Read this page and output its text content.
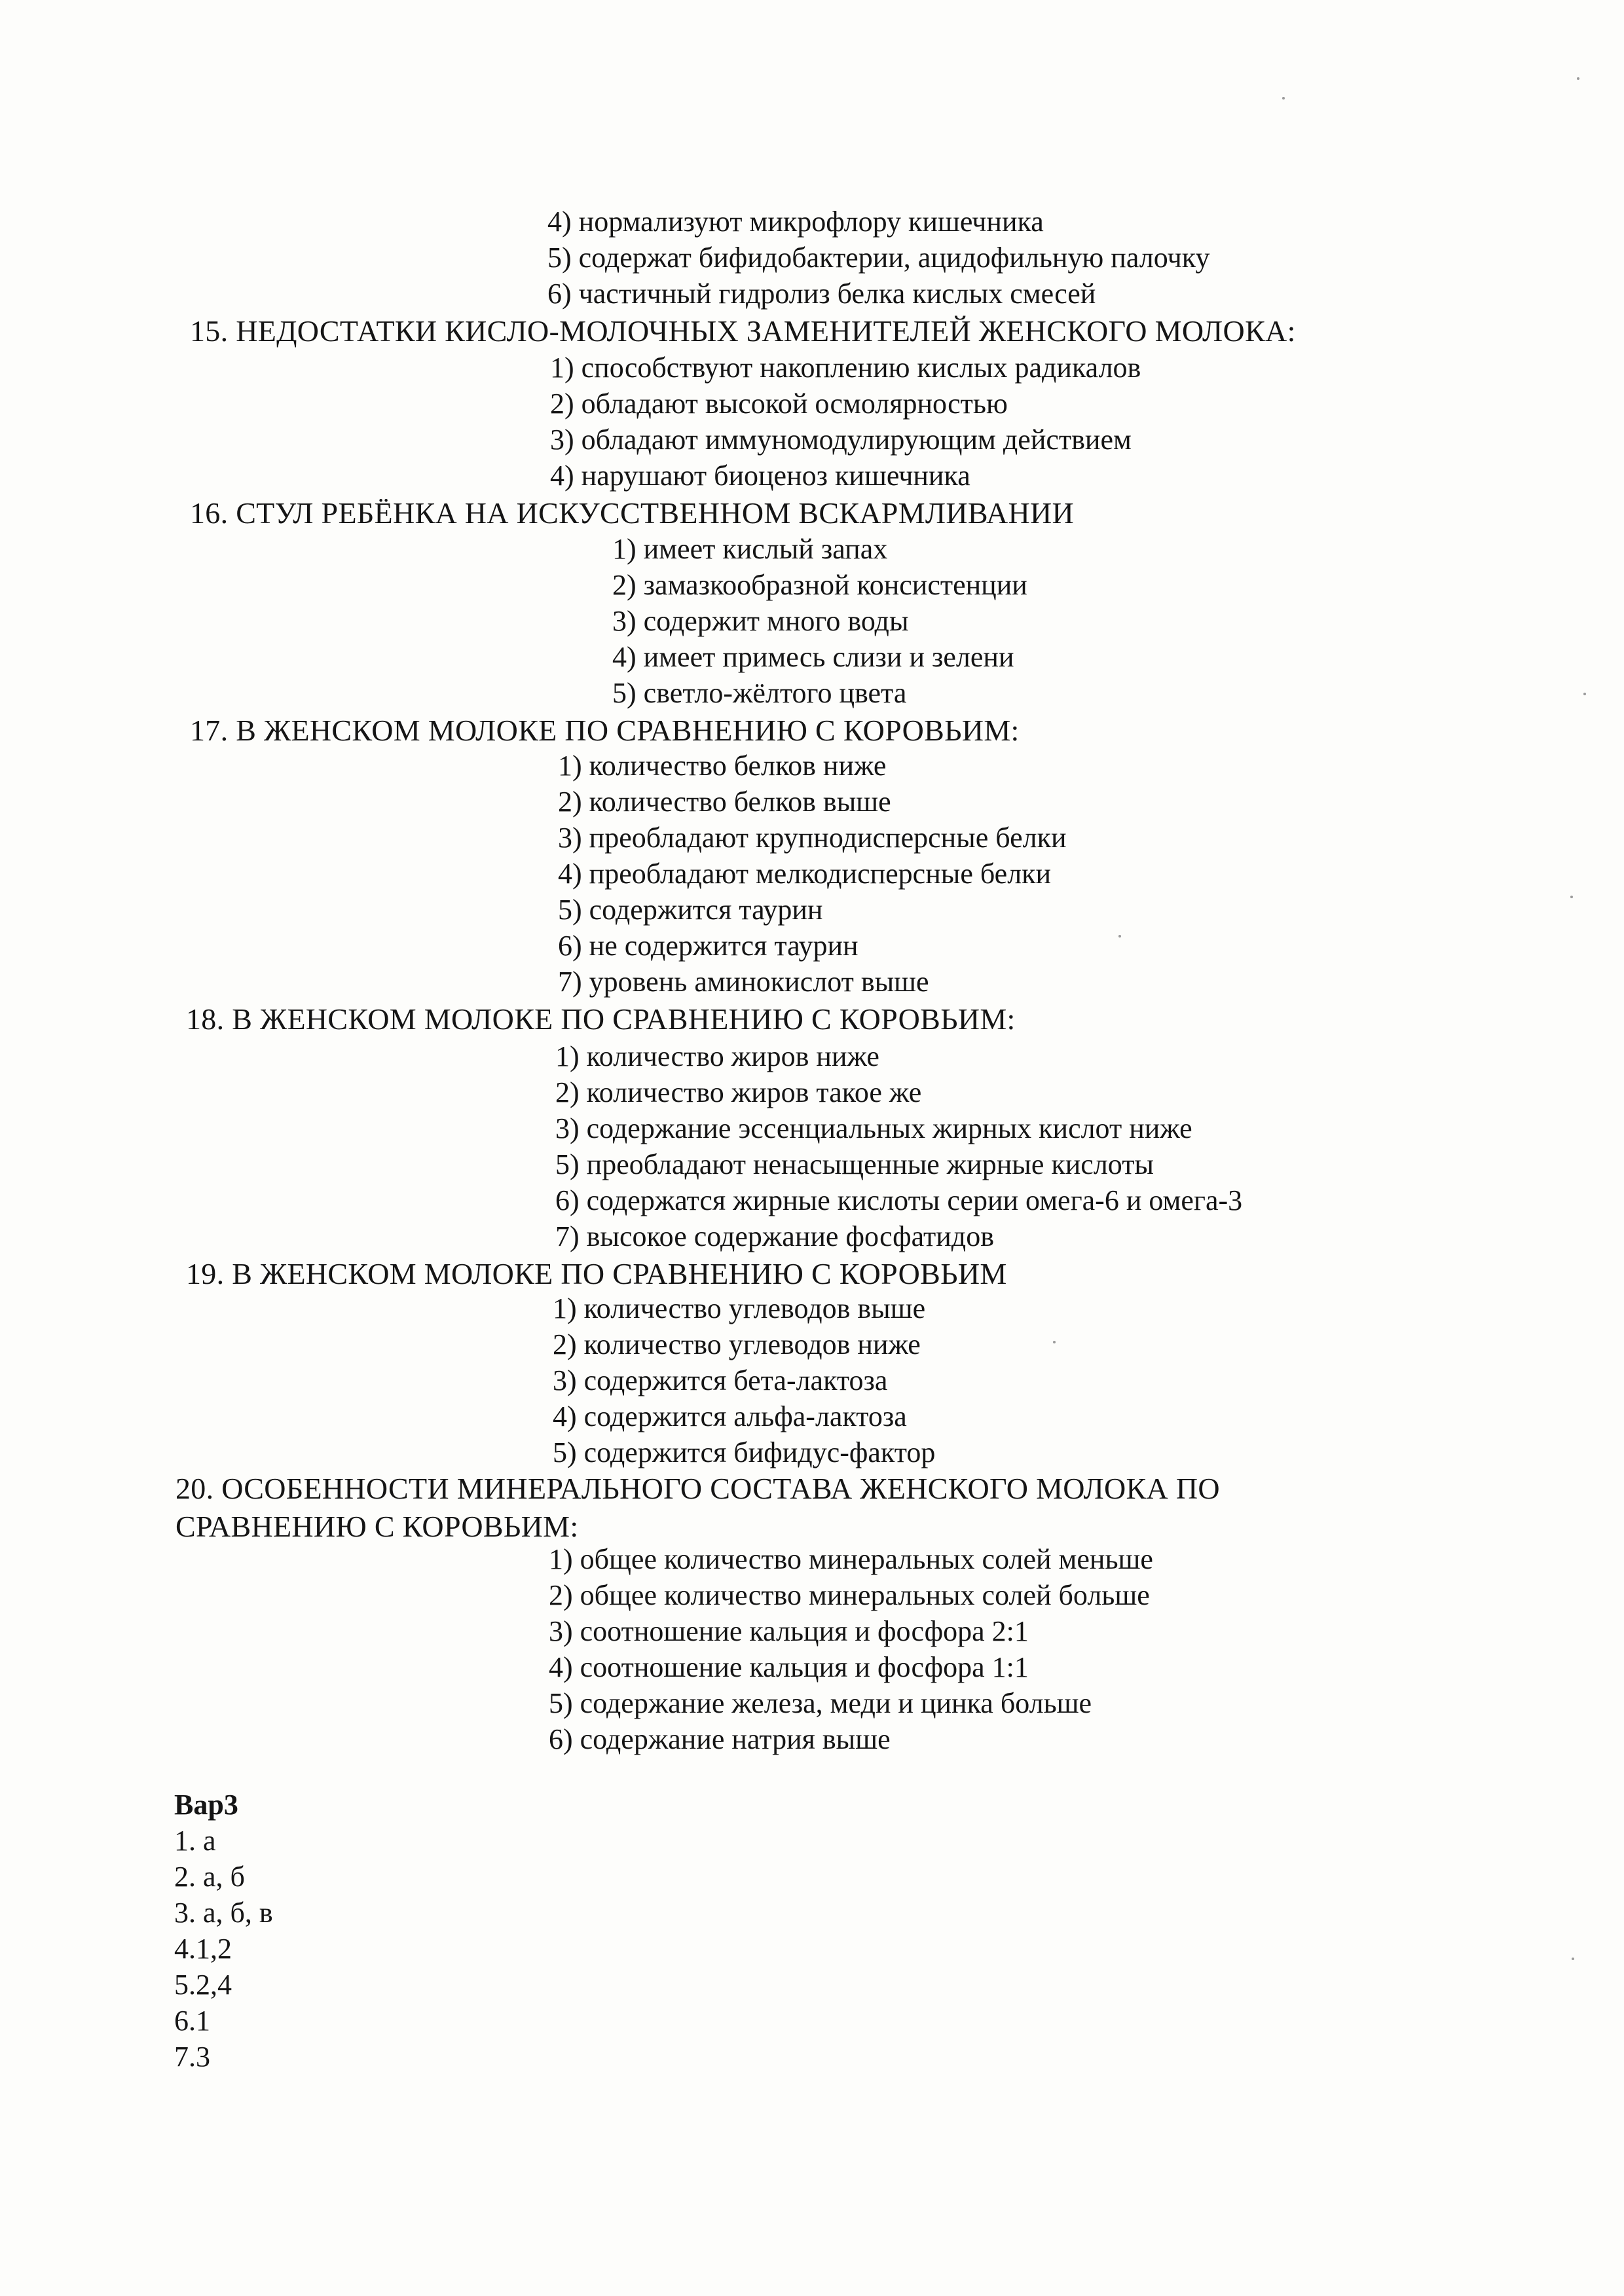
4) нормализуют микрофлору кишечника

5) содержат бифидобактерии, ацидофильную палочку

6) частичный гидролиз белка кислых смесей

15. НЕДОСТАТКИ КИСЛО-МОЛОЧНЫХ ЗАМЕНИТЕЛЕЙ ЖЕНСКОГО МОЛОКА:

1) способствуют накоплению кислых радикалов

2) обладают высокой осмолярностью

3) обладают иммуномодулирующим действием

4) нарушают биоценоз кишечника

16. СТУЛ РЕБЁНКА НА ИСКУССТВЕННОМ ВСКАРМЛИВАНИИ

1) имеет кислый запах

2) замазкообразной консистенции

3) содержит много воды

4) имеет примесь слизи и зелени

5) светло-жёлтого цвета

17. В ЖЕНСКОМ МОЛОКЕ ПО СРАВНЕНИЮ С КОРОВЬИМ:

1) количество белков ниже

2) количество белков выше

3) преобладают крупнодисперсные белки

4) преобладают мелкодисперсные белки

5) содержится таурин

6) не содержится таурин

7) уровень аминокислот выше

18. В ЖЕНСКОМ МОЛОКЕ ПО СРАВНЕНИЮ С КОРОВЬИМ:

1) количество жиров ниже

2) количество жиров такое же

3) содержание эссенциальных жирных кислот ниже

5) преобладают ненасыщенные жирные кислоты

6) содержатся жирные кислоты серии омега-6 и омега-3

7) высокое содержание фосфатидов

19. В ЖЕНСКОМ МОЛОКЕ ПО СРАВНЕНИЮ С КОРОВЬИМ

1) количество углеводов выше

2) количество углеводов ниже

3) содержится бета-лактоза

4) содержится альфа-лактоза

5) содержится бифидус-фактор

20. ОСОБЕННОСТИ МИНЕРАЛЬНОГО СОСТАВА ЖЕНСКОГО МОЛОКА ПО СРАВНЕНИЮ С КОРОВЬИМ:

1) общее количество минеральных солей меньше

2) общее количество минеральных солей больше

3) соотношение кальция и фосфора 2:1

4) соотношение кальция и фосфора 1:1

5) содержание железа, меди и цинка больше

6) содержание натрия выше

Вар3

1. а

2. а, б

3. а, б, в

4.1,2

5.2,4

6.1

7.3
